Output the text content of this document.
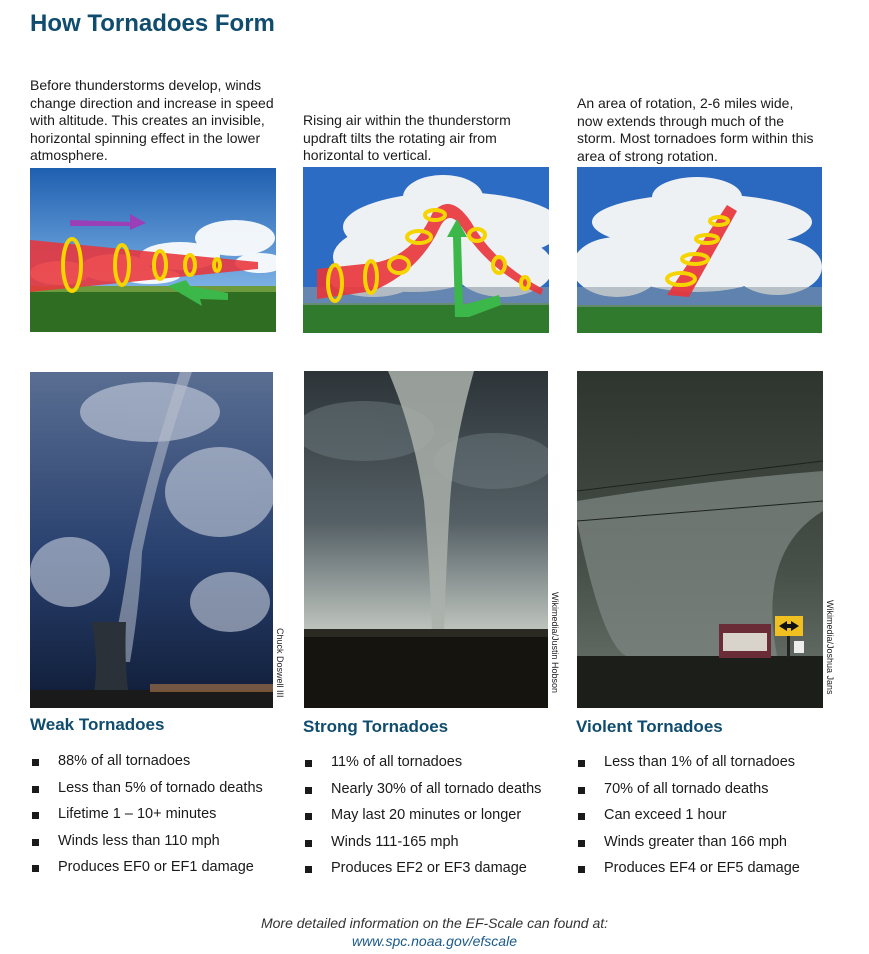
How Tornadoes Form

Before thunderstorms develop, winds change direction and increase in speed with altitude. This creates an invisible, horizontal spinning effect in the lower atmosphere.

Rising air within the thunderstorm updraft tilts the rotating air from horizontal to vertical.

An area of rotation, 2-6 miles wide, now extends through much of the storm. Most tornadoes form within this area of strong rotation.

Chuck Doswell III	Wikimedia/Justin Hobson	Wikimedia/Joshua Jans
Weak Tornadoes	Strong Tornadoes	Violent Tornadoes
88% of all tornadoes
Less than 5% of tornado deaths
Lifetime 1 – 10+ minutes
Winds less than 110 mph
Produces EF0 or EF1 damage
11% of all tornadoes
Nearly 30% of all tornado deaths
May last 20 minutes or longer
Winds 111-165 mph
Produces EF2 or EF3 damage
Less than 1% of all tornadoes
70% of all tornado deaths
Can exceed 1 hour
Winds greater than 166 mph
Produces EF4 or EF5 damage
More detailed information on the EF-Scale can found at:
www.spc.noaa.gov/efscale
